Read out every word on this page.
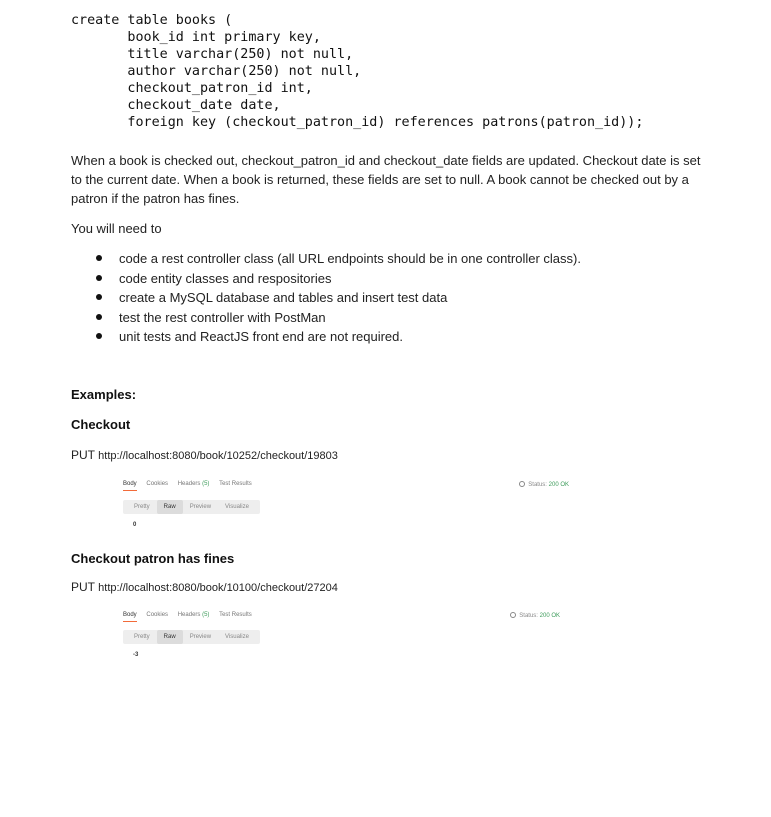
create table books (
book_id int primary key,
title varchar(250) not null,
author varchar(250) not null,
checkout_patron_id int,
checkout_date date,
foreign key (checkout_patron_id) references patrons(patron_id));

When a book is checked out, checkout_patron_id and checkout_date fields are updated. Checkout date is set to the current date. When a book is returned, these fields are set to null. A book cannot be checked out by a patron if the patron has fines.

You will need to

code a rest controller class (all URL endpoints should be in one controller class).
code entity classes and respositories
create a MySQL database and tables and insert test data
test the rest controller with PostMan
unit tests and ReactJS front end are not required.

Examples:

Checkout

PUT http://localhost:8080/book/10252/checkout/19803

Body Cookies Headers (5) Test Results	Status: 200 OK
Pretty	Raw	Preview	Visualize
0

Checkout patron has fines

PUT http://localhost:8080/book/10100/checkout/27204

Body Cookies Headers (5) Test Results	Status: 200 OK
Pretty	Raw	Preview	Visualize
-3
